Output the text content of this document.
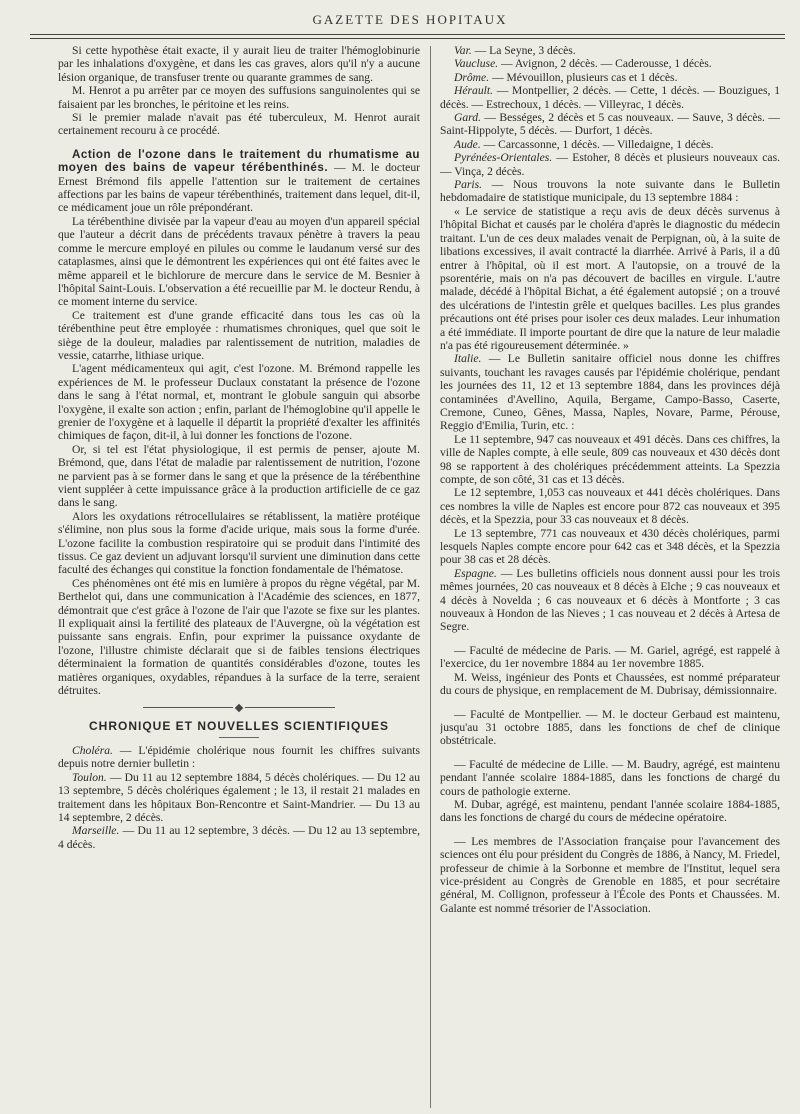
GAZETTE DES HOPITAUX

Si cette hypothèse était exacte, il y aurait lieu de traiter l'hémoglobinurie par les inhalations d'oxygène, et dans les cas graves, alors qu'il n'y a aucune lésion organique, de transfuser trente ou quarante grammes de sang.

M. Henrot a pu arrêter par ce moyen des suffusions sanguinolentes qui se faisaient par les bronches, le péritoine et les reins.

Si le premier malade n'avait pas été tuberculeux, M. Henrot aurait certainement recouru à ce procédé.

Action de l'ozone dans le traitement du rhumatisme au moyen des bains de vapeur térébenthinés. — M. le docteur Ernest Brémond fils appelle l'attention sur le traitement de certaines affections par les bains de vapeur térébenthinés, traitement dans lequel, dit-il, ce médicament joue un rôle prépondérant.

La térébenthine divisée par la vapeur d'eau au moyen d'un appareil spécial que l'auteur a décrit dans de précédents travaux pénètre à travers la peau comme le mercure employé en pilules ou comme le laudanum versé sur des cataplasmes, ainsi que le démontrent les expériences qui ont été faites avec le même appareil et le bichlorure de mercure dans le service de M. Besnier à l'hôpital Saint-Louis. L'observation a été recueillie par M. le docteur Rendu, à ce moment interne du service.

Ce traitement est d'une grande efficacité dans tous les cas où la térébenthine peut être employée : rhumatismes chroniques, quel que soit le siège de la douleur, maladies par ralentissement de nutrition, maladies de vessie, catarrhe, lithiase urique.

L'agent médicamenteux qui agit, c'est l'ozone. M. Brémond rappelle les expériences de M. le professeur Duclaux constatant la présence de l'ozone dans le sang à l'état normal, et, montrant le globule sanguin qui absorbe l'oxygène, il exalte son action ; enfin, parlant de l'hémoglobine qu'il appelle le grenier de l'oxygène et à laquelle il départit la propriété d'exalter les affinités chimiques de façon, dit-il, à lui donner les fonctions de l'ozone.

Or, si tel est l'état physiologique, il est permis de penser, ajoute M. Brémond, que, dans l'état de maladie par ralentissement de nutrition, l'ozone ne parvient pas à se former dans le sang et que la présence de la térébenthine vient suppléer à cette impuissance grâce à la production artificielle de ce gaz dans le sang.

Alors les oxydations rétrocellulaires se rétablissent, la matière protéique s'élimine, non plus sous la forme d'acide urique, mais sous la forme d'urée. L'ozone facilite la combustion respiratoire qui se produit dans l'intimité des tissus. Ce gaz devient un adjuvant lorsqu'il survient une diminution dans cette faculté des échanges qui constitue la fonction fondamentale de l'hématose.

Ces phénomènes ont été mis en lumière à propos du règne végétal, par M. Berthelot qui, dans une communication à l'Académie des sciences, en 1877, démontrait que c'est grâce à l'ozone de l'air que l'azote se fixe sur les plantes. Il expliquait ainsi la fertilité des plateaux de l'Auvergne, où la végétation est puissante sans engrais. Enfin, pour exprimer la puissance oxydante de l'ozone, l'illustre chimiste déclarait que si de faibles tensions électriques déterminaient la formation de quantités considérables d'ozone, toutes les matières organiques, oxydables, répandues à la surface de la terre, seraient détruites.

CHRONIQUE ET NOUVELLES SCIENTIFIQUES

Choléra. — L'épidémie cholérique nous fournit les chiffres suivants depuis notre dernier bulletin :

Toulon. — Du 11 au 12 septembre 1884, 5 décès cholériques. — Du 12 au 13 septembre, 5 décès cholériques également ; le 13, il restait 21 malades en traitement dans les hôpitaux Bon-Rencontre et Saint-Mandrier. — Du 13 au 14 septembre, 2 décès.

Marseille. — Du 11 au 12 septembre, 3 décès. — Du 12 au 13 septembre, 4 décès.

Var. — La Seyne, 3 décès.

Vaucluse. — Avignon, 2 décès. — Caderousse, 1 décès.

Drôme. — Mévouillon, plusieurs cas et 1 décès.

Hérault. — Montpellier, 2 décès. — Cette, 1 décès. — Bouzigues, 1 décès. — Estrechoux, 1 décès. — Villeyrac, 1 décès.

Gard. — Bességes, 2 décès et 5 cas nouveaux. — Sauve, 3 décès. — Saint-Hippolyte, 5 décès. — Durfort, 1 décès.

Aude. — Carcassonne, 1 décès. — Villedaigne, 1 décès.

Pyrénées-Orientales. — Estoher, 8 décès et plusieurs nouveaux cas. — Vinça, 2 décès.

Paris. — Nous trouvons la note suivante dans le Bulletin hebdomadaire de statistique municipale, du 13 septembre 1884 :

« Le service de statistique a reçu avis de deux décès survenus à l'hôpital Bichat et causés par le choléra d'après le diagnostic du médecin traitant. L'un de ces deux malades venait de Perpignan, où, à la suite de libations excessives, il avait contracté la diarrhée. Arrivé à Paris, il a dû entrer à l'hôpital, où il est mort. A l'autopsie, on a trouvé de la psorentérie, mais on n'a pas découvert de bacilles en virgule. L'autre malade, décédé à l'hôpital Bichat, a été également autopsié ; on a trouvé des ulcérations de l'intestin grêle et quelques bacilles. Les plus grandes précautions ont été prises pour isoler ces deux malades. Leur inhumation a été immédiate. Il importe pourtant de dire que la nature de leur maladie n'a pas été rigoureusement déterminée. »

Italie. — Le Bulletin sanitaire officiel nous donne les chiffres suivants, touchant les ravages causés par l'épidémie cholérique, pendant les journées des 11, 12 et 13 septembre 1884, dans les provinces déjà contaminées d'Avellino, Aquila, Bergame, Campo-Basso, Caserte, Cremone, Cuneo, Gênes, Massa, Naples, Novare, Parme, Pérouse, Reggio d'Emilia, Turin, etc. :

Le 11 septembre, 947 cas nouveaux et 491 décès. Dans ces chiffres, la ville de Naples compte, à elle seule, 809 cas nouveaux et 430 décès dont 98 se rapportent à des cholériques précédemment atteints. La Spezzia compte, de son côté, 31 cas et 13 décès.

Le 12 septembre, 1,053 cas nouveaux et 441 décès cholériques. Dans ces nombres la ville de Naples est encore pour 872 cas nouveaux et 395 décès, et la Spezzia, pour 33 cas nouveaux et 8 décès.

Le 13 septembre, 771 cas nouveaux et 430 décès cholériques, parmi lesquels Naples compte encore pour 642 cas et 348 décès, et la Spezzia pour 38 cas et 28 décès.

Espagne. — Les bulletins officiels nous donnent aussi pour les trois mêmes journées, 20 cas nouveaux et 8 décès à Elche ; 9 cas nouveaux et 4 décès à Novelda ; 6 cas nouveaux et 6 décès à Montforte ; 3 cas nouveaux à Hondon de las Nieves ; 1 cas nouveau et 2 décès à Artesa de Segre.

— Faculté de médecine de Paris. — M. Gariel, agrégé, est rappelé à l'exercice, du 1er novembre 1884 au 1er novembre 1885.

M. Weiss, ingénieur des Ponts et Chaussées, est nommé préparateur du cours de physique, en remplacement de M. Dubrisay, démissionnaire.

— Faculté de Montpellier. — M. le docteur Gerbaud est maintenu, jusqu'au 31 octobre 1885, dans les fonctions de chef de clinique obstétricale.

— Faculté de médecine de Lille. — M. Baudry, agrégé, est maintenu pendant l'année scolaire 1884-1885, dans les fonctions de chargé du cours de pathologie externe.

M. Dubar, agrégé, est maintenu, pendant l'année scolaire 1884-1885, dans les fonctions de chargé du cours de médecine opératoire.

— Les membres de l'Association française pour l'avancement des sciences ont élu pour président du Congrès de 1886, à Nancy, M. Friedel, professeur de chimie à la Sorbonne et membre de l'Institut, lequel sera vice-président au Congrès de Grenoble en 1885, et pour secrétaire général, M. Collignon, professeur à l'École des Ponts et Chaussées. M. Galante est nommé trésorier de l'Association.
